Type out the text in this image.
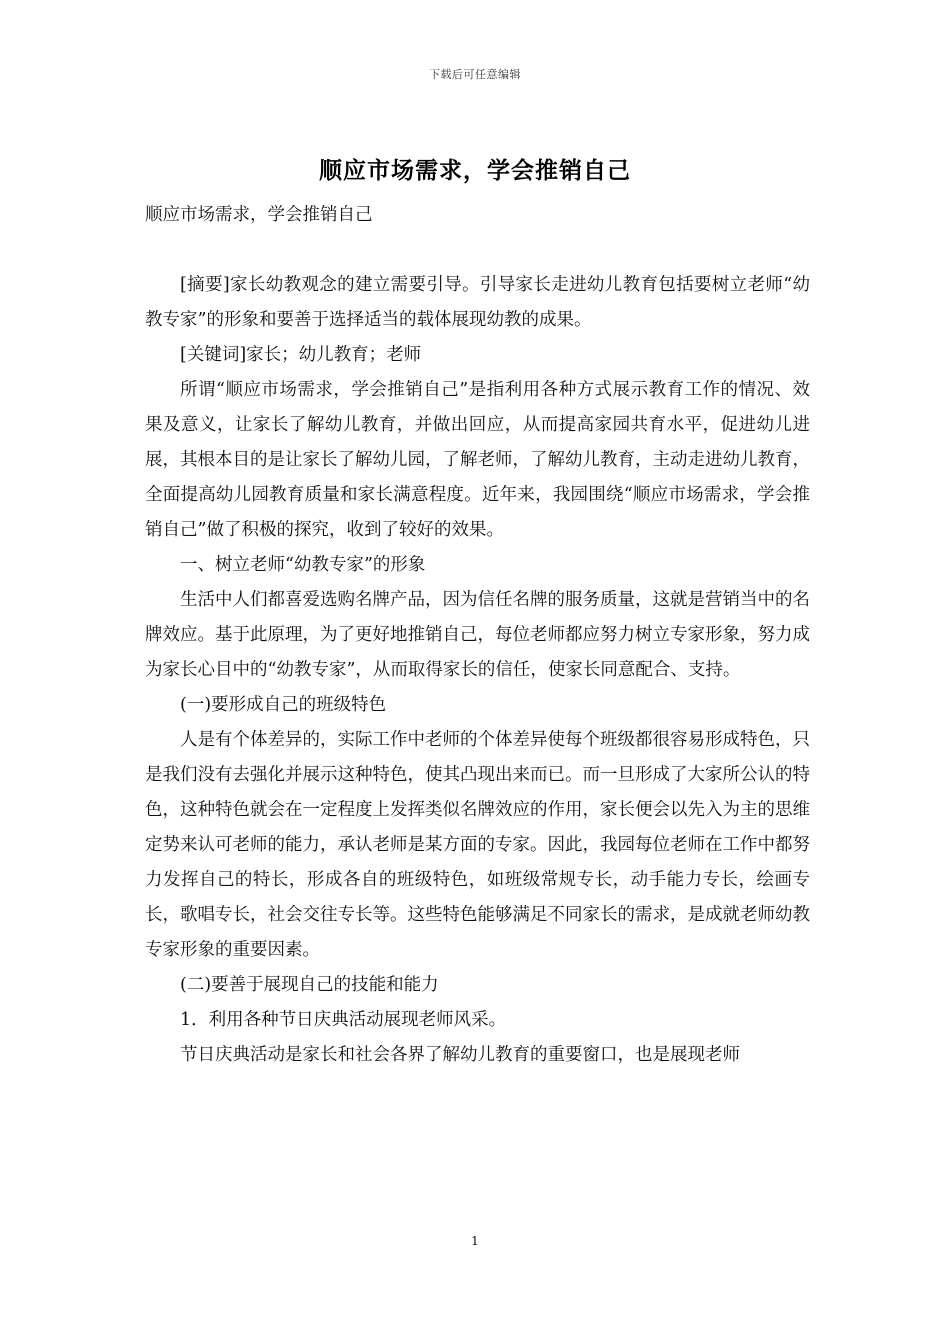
下载后可任意编辑
顺应市场需求，学会推销自己

顺应市场需求，学会推销自己

[摘要]家长幼教观念的建立需要引导。引导家长走进幼儿教育包括要树立老师“幼教专家”的形象和要善于选择适当的载体展现幼教的成果。

[关键词]家长；幼儿教育；老师

所谓“顺应市场需求，学会推销自己”是指利用各种方式展示教育工作的情况、效果及意义，让家长了解幼儿教育，并做出回应，从而提高家园共育水平，促进幼儿进展，其根本目的是让家长了解幼儿园，了解老师，了解幼儿教育，主动走进幼儿教育，全面提高幼儿园教育质量和家长满意程度。近年来，我园围绕“顺应市场需求，学会推销自己”做了积极的探究，收到了较好的效果。

一、树立老师“幼教专家”的形象

生活中人们都喜爱选购名牌产品，因为信任名牌的服务质量，这就是营销当中的名牌效应。基于此原理，为了更好地推销自己，每位老师都应努力树立专家形象，努力成为家长心目中的“幼教专家”，从而取得家长的信任，使家长同意配合、支持。

(一)要形成自己的班级特色

人是有个体差异的，实际工作中老师的个体差异使每个班级都很容易形成特色，只是我们没有去强化并展示这种特色，使其凸现出来而已。而一旦形成了大家所公认的特色，这种特色就会在一定程度上发挥类似名牌效应的作用，家长便会以先入为主的思维定势来认可老师的能力，承认老师是某方面的专家。因此，我园每位老师在工作中都努力发挥自己的特长，形成各自的班级特色，如班级常规专长，动手能力专长，绘画专长，歌唱专长，社会交往专长等。这些特色能够满足不同家长的需求，是成就老师幼教专家形象的重要因素。

(二)要善于展现自己的技能和能力

1．利用各种节日庆典活动展现老师风采。

节日庆典活动是家长和社会各界了解幼儿教育的重要窗口，也是展现老师

1
